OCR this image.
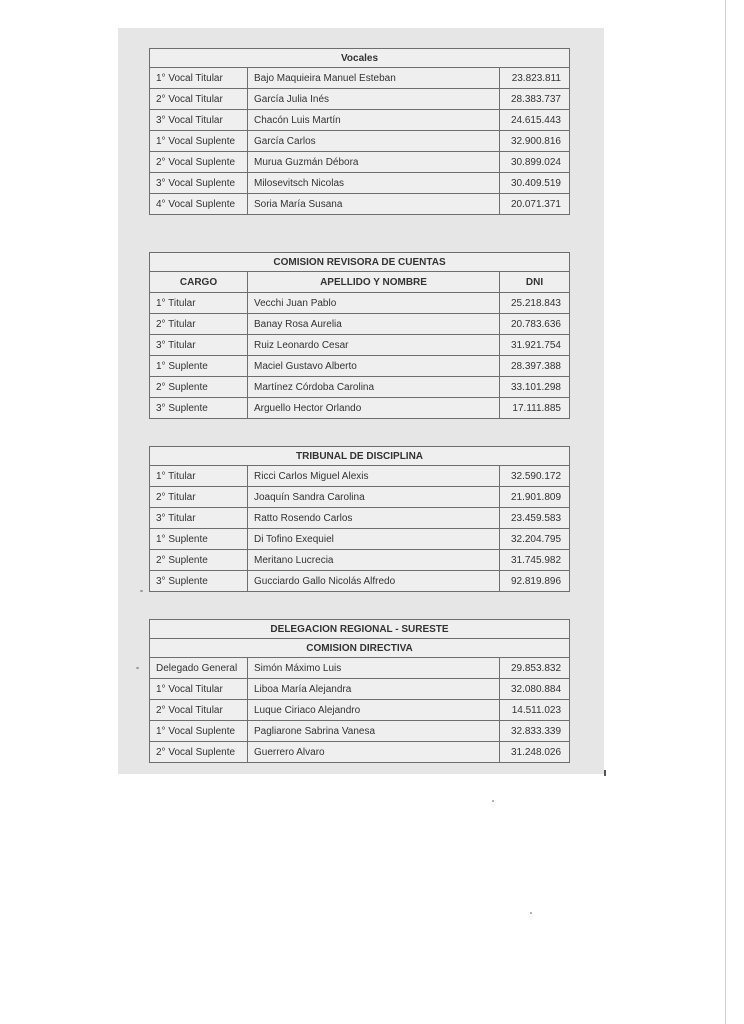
Vocales		
1° Vocal Titular	Bajo Maquieira Manuel Esteban	23.823.811
2° Vocal Titular	García Julia Inés	28.383.737
3° Vocal Titular	Chacón Luis Martín	24.615.443
1° Vocal Suplente	García Carlos	32.900.816
2° Vocal Suplente	Murua Guzmán Débora	30.899.024
3° Vocal Suplente	Milosevitsch Nicolas	30.409.519
4° Vocal Suplente	Soria María Susana	20.071.371
COMISION REVISORA DE CUENTAS		
CARGO	APELLIDO Y NOMBRE	DNI
1° Titular	Vecchi Juan Pablo	25.218.843
2° Titular	Banay Rosa Aurelia	20.783.636
3° Titular	Ruiz Leonardo Cesar	31.921.754
1° Suplente	Maciel Gustavo Alberto	28.397.388
2° Suplente	Martínez Córdoba Carolina	33.101.298
3° Suplente	Arguello Hector Orlando	17.111.885
TRIBUNAL DE DISCIPLINA		
1° Titular	Ricci Carlos Miguel Alexis	32.590.172
2° Titular	Joaquín Sandra Carolina	21.901.809
3° Titular	Ratto Rosendo Carlos	23.459.583
1° Suplente	Di Tofino Exequiel	32.204.795
2° Suplente	Meritano Lucrecia	31.745.982
3° Suplente	Gucciardo Gallo Nicolás Alfredo	92.819.896
DELEGACION REGIONAL - SURESTE		
COMISION DIRECTIVA		
Delegado General	Simón Máximo Luis	29.853.832
1° Vocal Titular	Liboa María Alejandra	32.080.884
2° Vocal Titular	Luque Ciriaco Alejandro	14.511.023
1° Vocal Suplente	Pagliarone Sabrina Vanesa	32.833.339
2° Vocal Suplente	Guerrero Alvaro	31.248.026
